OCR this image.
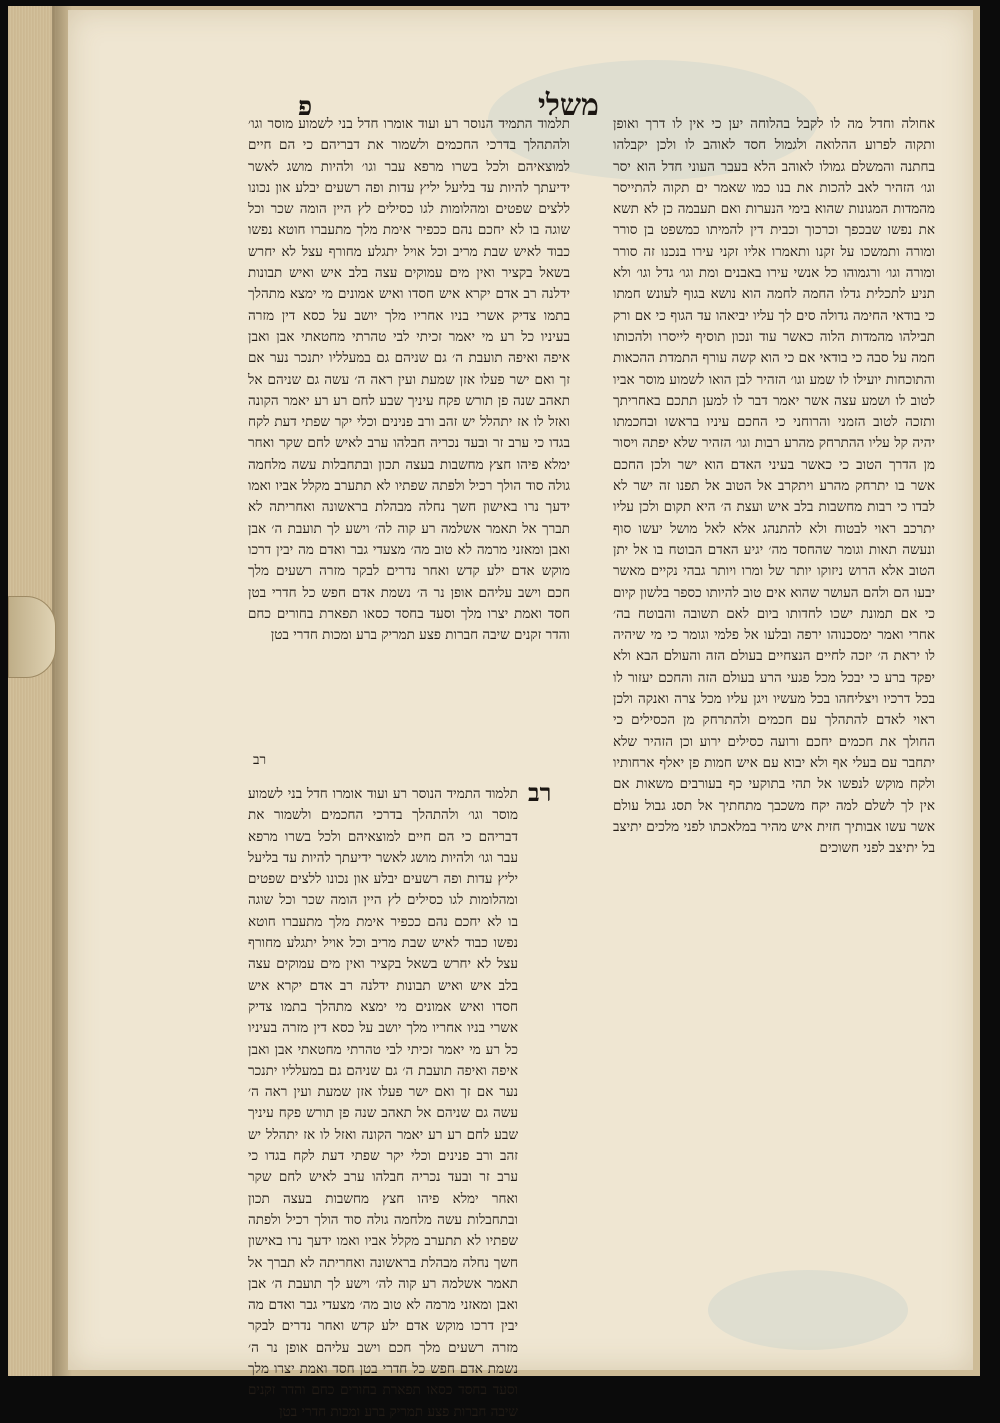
משלי
פ

אחולה וחדל מה לו לקבל בהלוחה יען כי אין לו דרך ואופן ותקוה לפרוע ההלואה ולגמול חסד לאוהב לו ולכן יקבלהו בחתנה והמשלם גמולו לאוהב הלא בעבר העוני חדל הוא יסר וגו׳ הזהיר לאב להכות את בנו כמו שאמר ים תקוה להתייסר מהמדות המגונות שהוא בימי הנערות ואם תעבמה כן לא תשא את נפשו שבכפך וכרכוך וכבית דין להמיתו כמשפט בן סורר ומורה ותמשכו על זקנו ותאמרו אליו זקני עירו בנכנו זה סורר ומורה וגו׳ ורגמוהו כל אנשי עירו באבנים ומת וגו׳ גדל וגו׳ ולא תניע לתכלית גדלו החמה לחמה הוא נושא בגוף לעונש חמתו כי בודאי החימה גדולה סים לך עליו יביאהו עד הגוף כי אם ורק תבילהו מהמדות הלוה כאשר עוד ונכון תוסיף לייסרו ולהכותו חמה על סבה כי בודאי אם כי הוא קשה עורף התמדת ההכאות והתוכחות יועילו לו שמע וגו׳ הזהיר לבן הואו לשמוע מוסר אביו לטוב לו ושמע עצה אשר יאמר דבר לו למען תתכם באחריתך ותזכה לטוב הזמני והרוחני כי החכם עיניו בראשו ובחכמתו יהיה קל עליו ההתרחק מהרע רבות וגו׳ הזהיר שלא יפתה ויסור מן הדרך הטוב כי כאשר בעיני האדם הוא ישר ולכן החכם אשר בו יתרחק מהרע ויתקרב אל הטוב אל תפנו זה ישר לא לבדו כי רבות מחשבות בלב איש ועצת ה׳ היא תקום ולכן עליו יתרכב ראוי לבטוח ולא להתנהג אלא לאל מושל יעשו סוף ונעשה תאות וגומר שהחסד מה׳ יגיע האדם הבוטח בו אל יתן הטוב אלא הרוש ניזוקו יותר של ומרו ויותר גבהי נקיים מאשר יבעו הם ולהם העושר שהוא אים טוב להיותו כספר בלשון קיום כי אם תמונת ישכו לחדותו ביום לאם תשובה והבוטח בה׳ אחרי ואמר ימסכנוהו ירפה ובלעו אל פלמי וגומר כי מי שיהיה לו יראת ה׳ יזכה לחיים הנצחיים בעולם הזה והעולם הבא ולא יפקד ברע כי יבכל מכל פגעי הרע בעולם הזה והחכם יעזור לו בכל דרכיו ויצליחהו בכל מעשיו ויגן עליו מכל צרה ואנקה ולכן ראוי לאדם להתהלך עם חכמים ולהתרחק מן הכסילים כי החולך את חכמים יחכם ורועה כסילים ירוע וכן הזהיר שלא יתחבר עם בעלי אף ולא יבוא עם איש חמות פן יאלף ארחותיו ולקח מוקש לנפשו אל תהי בתוקעי כף בעורבים משאות אם אין לך לשלם למה יקח משכבך מתחתיך אל תסג גבול עולם אשר עשו אבותיך חזית איש מהיר במלאכתו לפני מלכים יתיצב בל יתיצב לפני חשוכים

תלמוד התמיד הנוסר רע ועוד אומרו חדל בני לשמוע מוסר וגו׳ ולהתהלך בדרכי החכמים ולשמור את דבריהם כי הם חיים למוצאיהם ולכל בשרו מרפא עבר וגו׳ ולהיות מושג לאשר ידיעתך להיות עד בליעל יליץ עדות ופה רשעים יבלע און נכונו ללצים שפטים ומהלומות לגו כסילים לץ היין הומה שכר וכל שוגה בו לא יחכם נהם ככפיר אימת מלך מתעברו חוטא נפשו כבוד לאיש שבת מריב וכל אויל יתגלע מחורף עצל לא יחרש בשאל בקציר ואין מים עמוקים עצה בלב איש ואיש תבונות ידלנה רב אדם יקרא איש חסדו ואיש אמונים מי ימצא מתהלך בתמו צדיק אשרי בניו אחריו מלך יושב על כסא דין מזרה בעיניו כל רע מי יאמר זכיתי לבי טהרתי מחטאתי אבן ואבן איפה ואיפה תועבת ה׳ גם שניהם גם במעלליו יתנכר נער אם זך ואם ישר פעלו אזן שמעת ועין ראה ה׳ עשה גם שניהם אל תאהב שנה פן תורש פקח עיניך שבע לחם רע רע יאמר הקונה ואזל לו אז יתהלל יש זהב ורב פנינים וכלי יקר שפתי דעת לקח בגדו כי ערב זר ובעד נכריה חבלהו ערב לאיש לחם שקר ואחר ימלא פיהו חצץ מחשבות בעצה תכון ובתחבלות עשה מלחמה גולה סוד הולך רכיל ולפתה שפתיו לא תתערב מקלל אביו ואמו ידעך נרו באישון חשך נחלה מבהלת בראשונה ואחריתה לא תברך אל תאמר אשלמה רע קוה לה׳ וישע לך תועבת ה׳ אבן ואבן ומאזני מרמה לא טוב מה׳ מצעדי גבר ואדם מה יבין דרכו מוקש אדם ילע קדש ואחר נדרים לבקר מזרה רשעים מלך חכם וישב עליהם אופן נר ה׳ נשמת אדם חפש כל חדרי בטן חסד ואמת יצרו מלך וסעד בחסד כסאו תפארת בחורים כחם והדר זקנים שיבה חברות פצע תמריק ברע ומכות חדרי בטן

רב
רב

תלמוד התמיד הנוסר רע ועוד אומרו חדל בני לשמוע מוסר וגו׳ ולהתהלך בדרכי החכמים ולשמור את דבריהם כי הם חיים למוצאיהם ולכל בשרו מרפא עבר וגו׳ ולהיות מושג לאשר ידיעתך להיות עד בליעל יליץ עדות ופה רשעים יבלע און נכונו ללצים שפטים ומהלומות לגו כסילים לץ היין הומה שכר וכל שוגה בו לא יחכם נהם ככפיר אימת מלך מתעברו חוטא נפשו כבוד לאיש שבת מריב וכל אויל יתגלע מחורף עצל לא יחרש בשאל בקציר ואין מים עמוקים עצה בלב איש ואיש תבונות ידלנה רב אדם יקרא איש חסדו ואיש אמונים מי ימצא מתהלך בתמו צדיק אשרי בניו אחריו מלך יושב על כסא דין מזרה בעיניו כל רע מי יאמר זכיתי לבי טהרתי מחטאתי אבן ואבן איפה ואיפה תועבת ה׳ גם שניהם גם במעלליו יתנכר נער אם זך ואם ישר פעלו אזן שמעת ועין ראה ה׳ עשה גם שניהם אל תאהב שנה פן תורש פקח עיניך שבע לחם רע רע יאמר הקונה ואזל לו אז יתהלל יש זהב ורב פנינים וכלי יקר שפתי דעת לקח בגדו כי ערב זר ובעד נכריה חבלהו ערב לאיש לחם שקר ואחר ימלא פיהו חצץ מחשבות בעצה תכון ובתחבלות עשה מלחמה גולה סוד הולך רכיל ולפתה שפתיו לא תתערב מקלל אביו ואמו ידעך נרו באישון חשך נחלה מבהלת בראשונה ואחריתה לא תברך אל תאמר אשלמה רע קוה לה׳ וישע לך תועבת ה׳ אבן ואבן ומאזני מרמה לא טוב מה׳ מצעדי גבר ואדם מה יבין דרכו מוקש אדם ילע קדש ואחר נדרים לבקר מזרה רשעים מלך חכם וישב עליהם אופן נר ה׳ נשמת אדם חפש כל חדרי בטן חסד ואמת יצרו מלך וסעד בחסד כסאו תפארת בחורים כחם והדר זקנים שיבה חברות פצע תמריק ברע ומכות חדרי בטן
